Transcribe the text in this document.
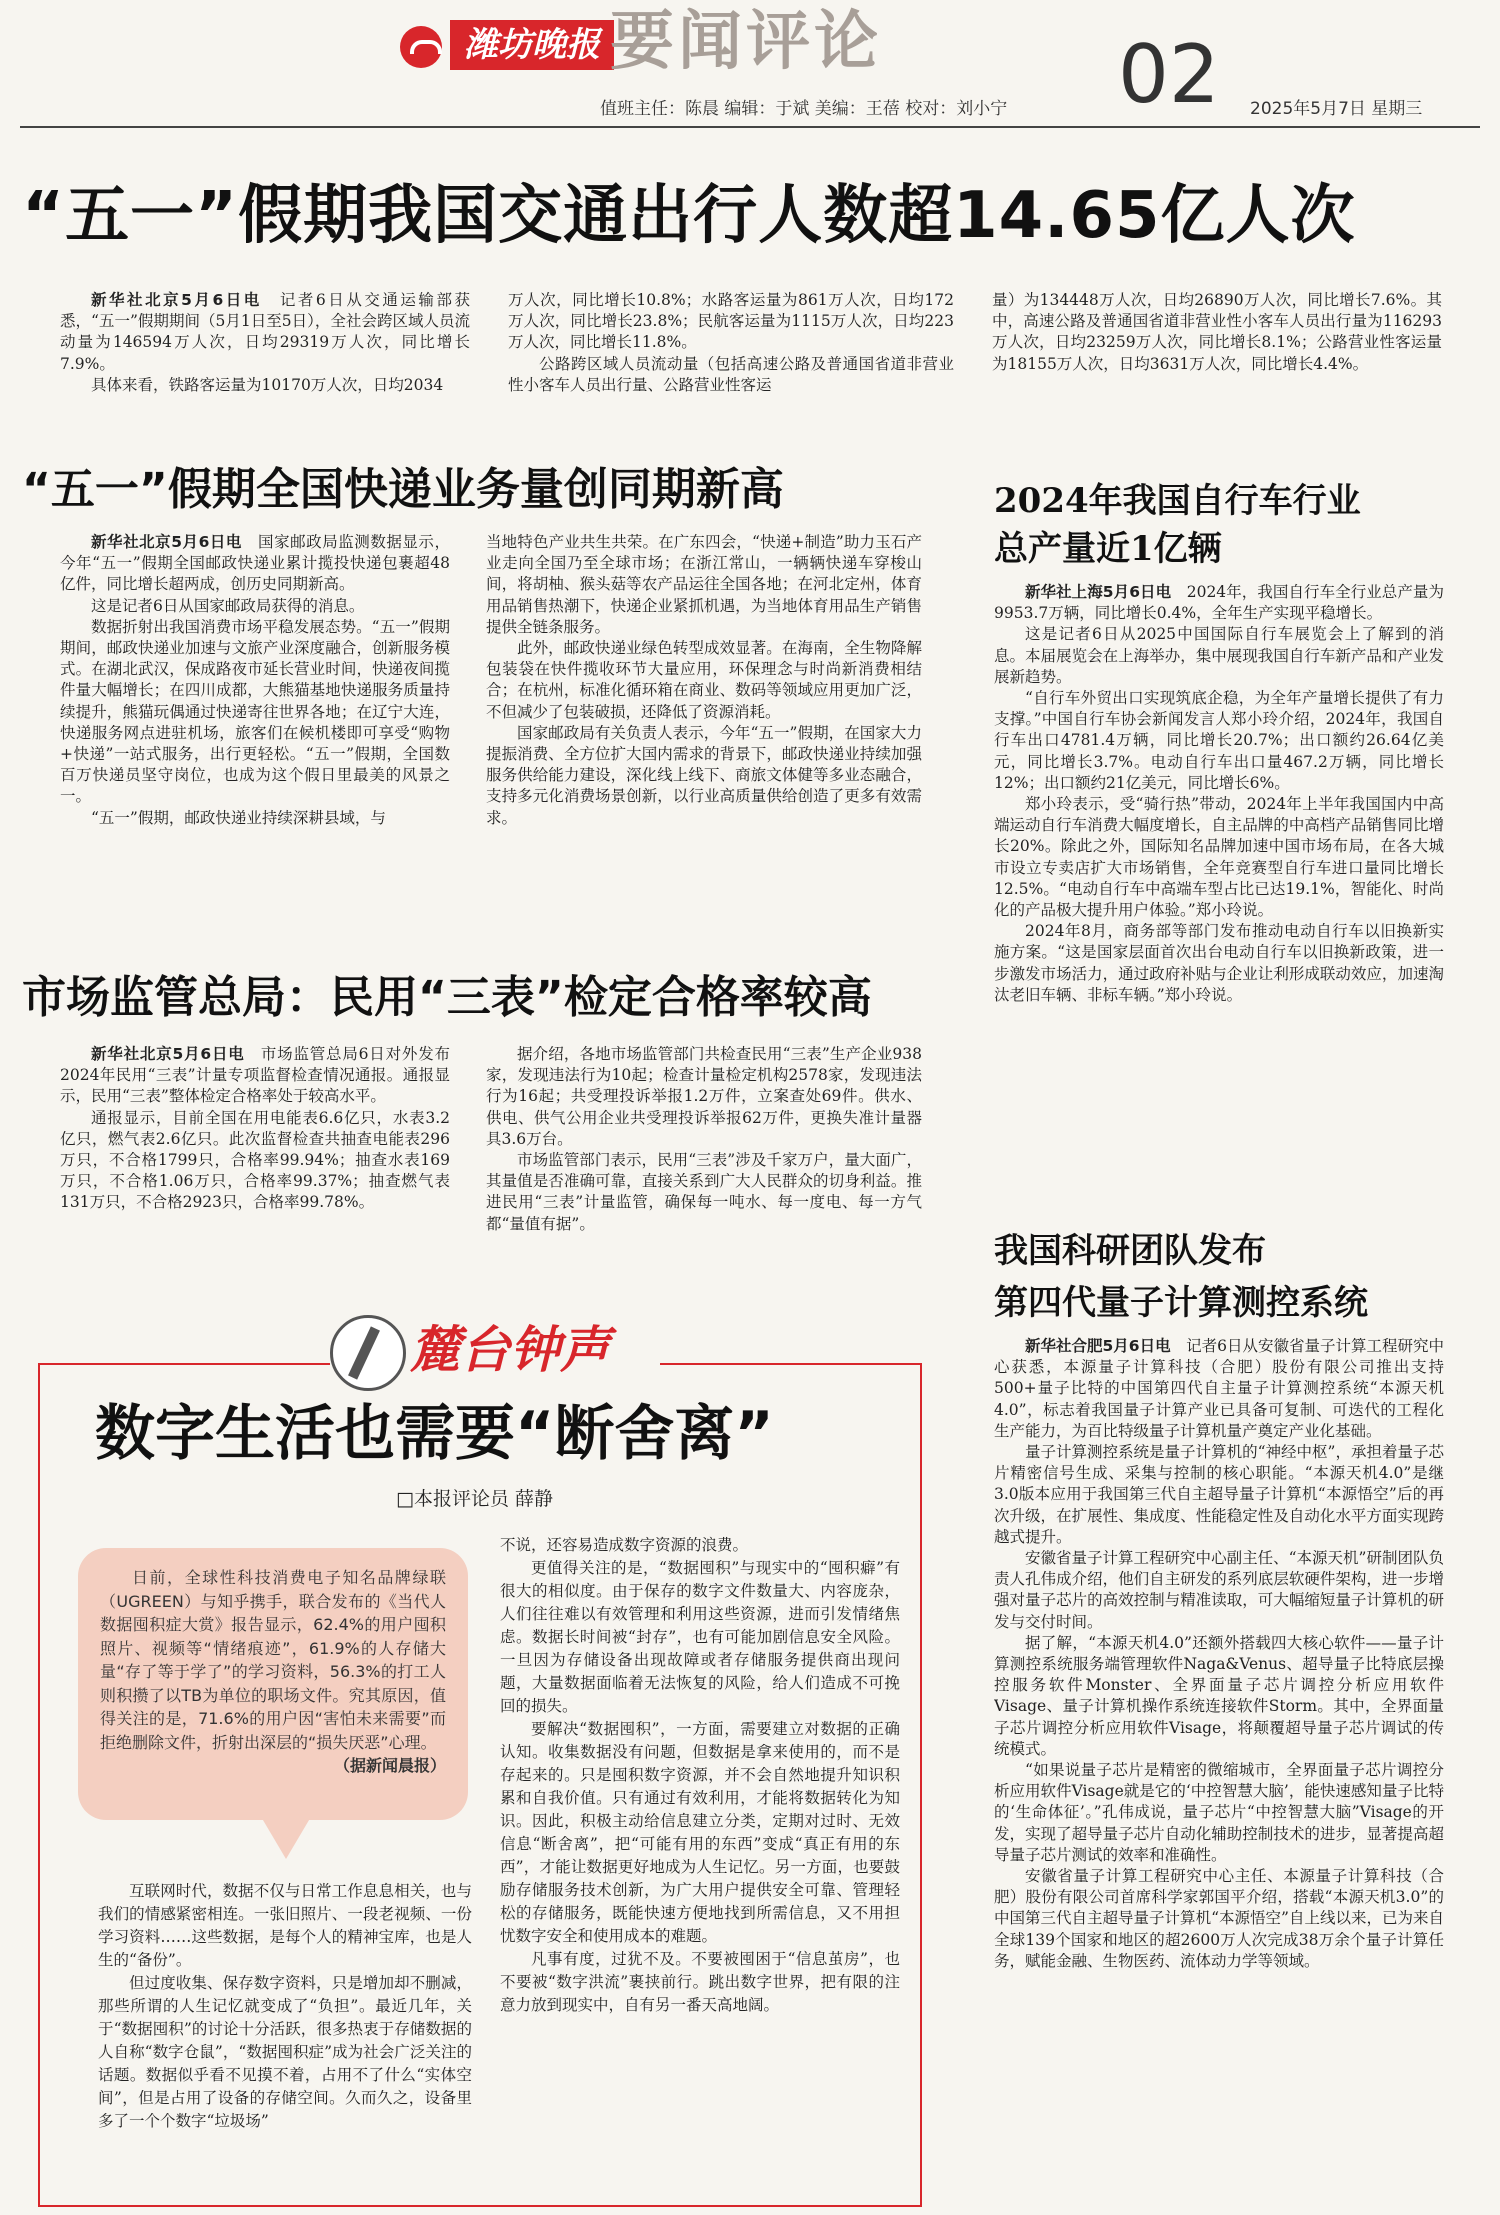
潍坊晚报 要闻评论	02
值班主任：陈晨 编辑：于斌 美编：王蓓 校对：刘小宁	2025年5月7日 星期三
“五一”假期我国交通出行人数超14.65亿人次

新华社北京5月6日电　 记者6日从交通运输部获悉，“五一”假期期间（5月1日至5日），全社会跨区域人员流动量为146594万人次，日均29319万人次，同比增长7.9%。

具体来看，铁路客运量为10170万人次，日均2034

万人次，同比增长10.8%；水路客运量为861万人次，日均172万人次，同比增长23.8%；民航客运量为1115万人次，日均223万人次，同比增长11.8%。

公路跨区域人员流动量（包括高速公路及普通国省道非营业性小客车人员出行量、公路营业性客运

量）为134448万人次，日均26890万人次，同比增长7.6%。其中，高速公路及普通国省道非营业性小客车人员出行量为116293万人次，日均23259万人次，同比增长8.1%；公路营业性客运量为18155万人次，日均3631万人次，同比增长4.4%。

“五一”假期全国快递业务量创同期新高

新华社北京5月6日电　 国家邮政局监测数据显示，今年“五一”假期全国邮政快递业累计揽投快递包裹超48亿件，同比增长超两成，创历史同期新高。

这是记者6日从国家邮政局获得的消息。

数据折射出我国消费市场平稳发展态势。“五一”假期期间，邮政快递业加速与文旅产业深度融合，创新服务模式。在湖北武汉，保成路夜市延长营业时间，快递夜间揽件量大幅增长；在四川成都，大熊猫基地快递服务质量持续提升，熊猫玩偶通过快递寄往世界各地；在辽宁大连，快递服务网点进驻机场，旅客们在候机楼即可享受“购物+快递”一站式服务，出行更轻松。“五一”假期，全国数百万快递员坚守岗位，也成为这个假日里最美的风景之一。

“五一”假期，邮政快递业持续深耕县域，与

当地特色产业共生共荣。在广东四会，“快递+制造”助力玉石产业走向全国乃至全球市场；在浙江常山，一辆辆快递车穿梭山间，将胡柚、猴头菇等农产品运往全国各地；在河北定州，体育用品销售热潮下，快递企业紧抓机遇，为当地体育用品生产销售提供全链条服务。

此外，邮政快递业绿色转型成效显著。在海南，全生物降解包装袋在快件揽收环节大量应用，环保理念与时尚新消费相结合；在杭州，标准化循环箱在商业、数码等领域应用更加广泛，不但减少了包装破损，还降低了资源消耗。

国家邮政局有关负责人表示，今年“五一”假期，在国家大力提振消费、全方位扩大国内需求的背景下，邮政快递业持续加强服务供给能力建设，深化线上线下、商旅文体健等多业态融合，支持多元化消费场景创新，以行业高质量供给创造了更多有效需求。

市场监管总局：民用“三表”检定合格率较高

新华社北京5月6日电　 市场监管总局6日对外发布2024年民用“三表”计量专项监督检查情况通报。通报显示，民用“三表”整体检定合格率处于较高水平。

通报显示，目前全国在用电能表6.6亿只，水表3.2亿只，燃气表2.6亿只。此次监督检查共抽查电能表296万只，不合格1799只，合格率99.94%；抽查水表169万只，不合格1.06万只，合格率99.37%；抽查燃气表131万只，不合格2923只，合格率99.78%。

据介绍，各地市场监管部门共检查民用“三表”生产企业938家，发现违法行为10起；检查计量检定机构2578家，发现违法行为16起；共受理投诉举报1.2万件，立案查处69件。供水、供电、供气公用企业共受理投诉举报62万件，更换失准计量器具3.6万台。

市场监管部门表示，民用“三表”涉及千家万户，量大面广，其量值是否准确可靠，直接关系到广大人民群众的切身利益。推进民用“三表”计量监管，确保每一吨水、每一度电、每一方气都“量值有据”。

2024年我国自行车行业
总产量近1亿辆

新华社上海5月6日电　 2024年，我国自行车全行业总产量为9953.7万辆，同比增长0.4%，全年生产实现平稳增长。

这是记者6日从2025中国国际自行车展览会上了解到的消息。本届展览会在上海举办，集中展现我国自行车新产品和产业发展新趋势。

“自行车外贸出口实现筑底企稳，为全年产量增长提供了有力支撑。”中国自行车协会新闻发言人郑小玲介绍，2024年，我国自行车出口4781.4万辆，同比增长20.7%；出口额约26.64亿美元，同比增长3.7%。电动自行车出口量467.2万辆，同比增长12%；出口额约21亿美元，同比增长6%。

郑小玲表示，受“骑行热”带动，2024年上半年我国国内中高端运动自行车消费大幅度增长，自主品牌的中高档产品销售同比增长20%。除此之外，国际知名品牌加速中国市场布局，在各大城市设立专卖店扩大市场销售，全年竞赛型自行车进口量同比增长12.5%。“电动自行车中高端车型占比已达19.1%，智能化、时尚化的产品极大提升用户体验。”郑小玲说。

2024年8月，商务部等部门发布推动电动自行车以旧换新实施方案。“这是国家层面首次出台电动自行车以旧换新政策，进一步激发市场活力，通过政府补贴与企业让利形成联动效应，加速淘汰老旧车辆、非标车辆。”郑小玲说。

我国科研团队发布
第四代量子计算测控系统

新华社合肥5月6日电　 记者6日从安徽省量子计算工程研究中心获悉，本源量子计算科技（合肥）股份有限公司推出支持500+量子比特的中国第四代自主量子计算测控系统“本源天机4.0”，标志着我国量子计算产业已具备可复制、可迭代的工程化生产能力，为百比特级量子计算机量产奠定产业化基础。

量子计算测控系统是量子计算机的“神经中枢”，承担着量子芯片精密信号生成、采集与控制的核心职能。“本源天机4.0”是继3.0版本应用于我国第三代自主超导量子计算机“本源悟空”后的再次升级，在扩展性、集成度、性能稳定性及自动化水平方面实现跨越式提升。

安徽省量子计算工程研究中心副主任、“本源天机”研制团队负责人孔伟成介绍，他们自主研发的系列底层软硬件架构，进一步增强对量子芯片的高效控制与精准读取，可大幅缩短量子计算机的研发与交付时间。

据了解，“本源天机4.0”还额外搭载四大核心软件——量子计算测控系统服务端管理软件Naga&Venus、超导量子比特底层操控服务软件Monster、全界面量子芯片调控分析应用软件Visage、量子计算机操作系统连接软件Storm。其中，全界面量子芯片调控分析应用软件Visage，将颠覆超导量子芯片调试的传统模式。

“如果说量子芯片是精密的微缩城市，全界面量子芯片调控分析应用软件Visage就是它的‘中控智慧大脑’，能快速感知量子比特的‘生命体征’。”孔伟成说，量子芯片“中控智慧大脑”Visage的开发，实现了超导量子芯片自动化辅助控制技术的进步，显著提高超导量子芯片测试的效率和准确性。

安徽省量子计算工程研究中心主任、本源量子计算科技（合肥）股份有限公司首席科学家郭国平介绍，搭载“本源天机3.0”的中国第三代自主超导量子计算机“本源悟空”自上线以来，已为来自全球139个国家和地区的超2600万人次完成38万余个量子计算任务，赋能金融、生物医药、流体动力学等领域。

麓台钟声
数字生活也需要“断舍离”
□本报评论员 薛静

日前，全球性科技消费电子知名品牌绿联（UGREEN）与知乎携手，联合发布的《当代人数据囤积症大赏》报告显示，62.4%的用户囤积照片、视频等“情绪痕迹”，61.9%的人存储大量“存了等于学了”的学习资料，56.3%的打工人则积攒了以TB为单位的职场文件。究其原因，值得关注的是，71.6%的用户因“害怕未来需要”而拒绝删除文件，折射出深层的“损失厌恶”心理。

（据新闻晨报）

互联网时代，数据不仅与日常工作息息相关，也与我们的情感紧密相连。一张旧照片、一段老视频、一份学习资料……这些数据，是每个人的精神宝库，也是人生的“备份”。

但过度收集、保存数字资料，只是增加却不删减，那些所谓的人生记忆就变成了“负担”。最近几年，关于“数据囤积”的讨论十分活跃，很多热衷于存储数据的人自称“数字仓鼠”，“数据囤积症”成为社会广泛关注的话题。数据似乎看不见摸不着，占用不了什么“实体空间”，但是占用了设备的存储空间。久而久之，设备里多了一个个数字“垃圾场”

不说，还容易造成数字资源的浪费。

更值得关注的是，“数据囤积”与现实中的“囤积癖”有很大的相似度。由于保存的数字文件数量大、内容庞杂，人们往往难以有效管理和利用这些资源，进而引发情绪焦虑。数据长时间被“封存”，也有可能加剧信息安全风险。一旦因为存储设备出现故障或者存储服务提供商出现问题，大量数据面临着无法恢复的风险，给人们造成不可挽回的损失。

要解决“数据囤积”，一方面，需要建立对数据的正确认知。收集数据没有问题，但数据是拿来使用的，而不是存起来的。只是囤积数字资源，并不会自然地提升知识积累和自我价值。只有通过有效利用，才能将数据转化为知识。因此，积极主动给信息建立分类，定期对过时、无效信息“断舍离”，把“可能有用的东西”变成“真正有用的东西”，才能让数据更好地成为人生记忆。另一方面，也要鼓励存储服务技术创新，为广大用户提供安全可靠、管理轻松的存储服务，既能快速方便地找到所需信息，又不用担忧数字安全和使用成本的难题。

凡事有度，过犹不及。不要被囤困于“信息茧房”，也不要被“数字洪流”裹挟前行。跳出数字世界，把有限的注意力放到现实中，自有另一番天高地阔。
